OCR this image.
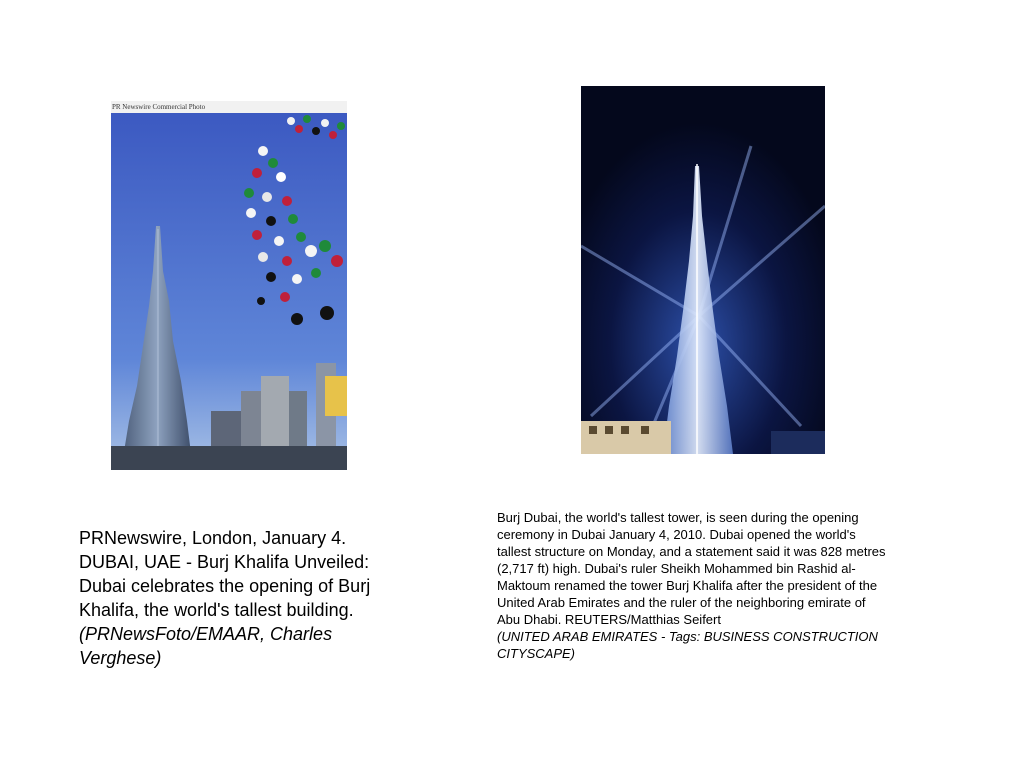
PR Newswire Commercial Photo

PRNewswire, London, January 4. DUBAI, UAE - Burj Khalifa Unveiled: Dubai celebrates the opening of Burj Khalifa, the world's tallest building.

(PRNewsFoto/EMAAR, Charles Verghese)

Burj Dubai, the world's tallest tower, is seen during the opening ceremony in Dubai January 4, 2010. Dubai opened the world's tallest structure on Monday, and a statement said it was 828 metres (2,717 ft) high. Dubai's ruler Sheikh Mohammed bin Rashid al-Maktoum renamed the tower Burj Khalifa after the president of the United Arab Emirates and the ruler of the neighboring emirate of Abu Dhabi. REUTERS/Matthias Seifert

(UNITED ARAB EMIRATES - Tags: BUSINESS CONSTRUCTION CITYSCAPE)
